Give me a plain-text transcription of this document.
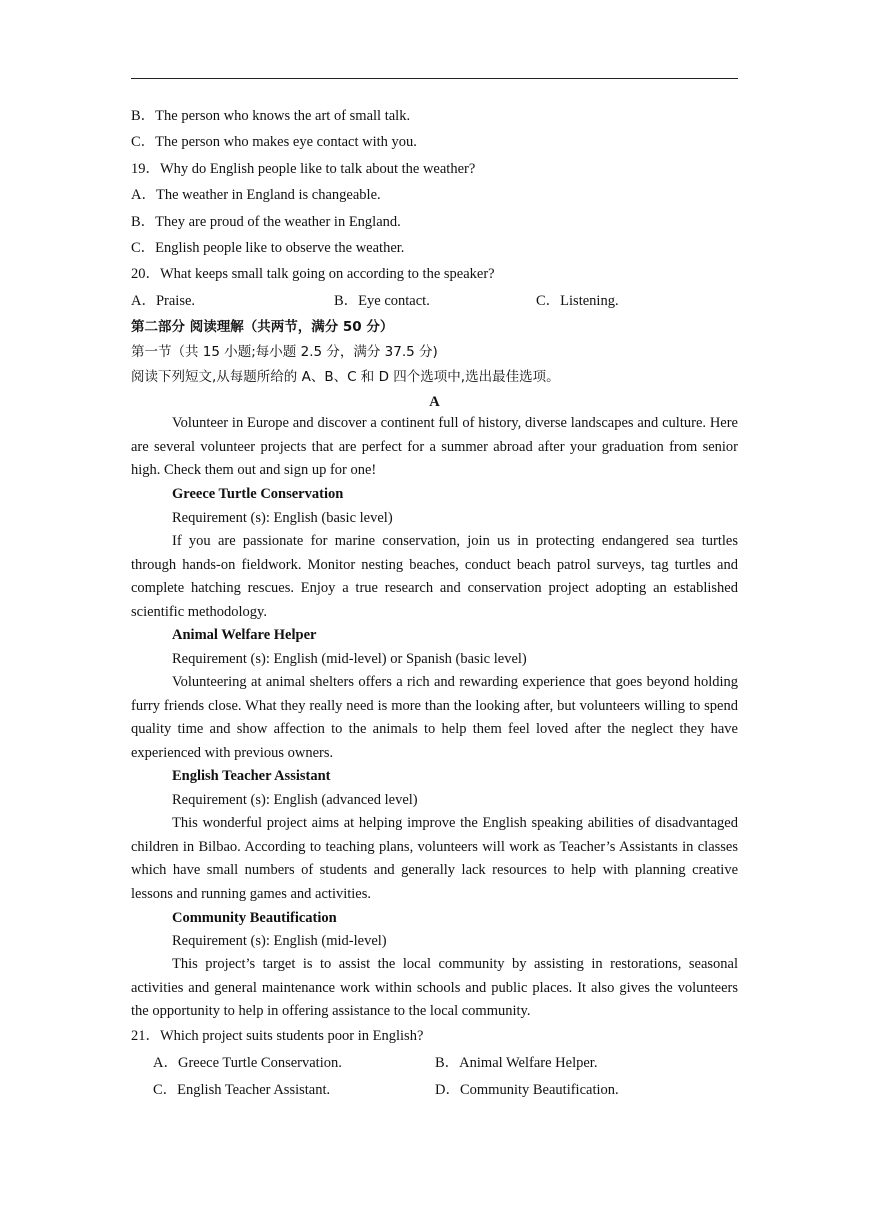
B．The person who knows the art of small talk.
C．The person who makes eye contact with you.
19．Why do English people like to talk about the weather?
A．The weather in England is changeable.
B．They are proud of the weather in England.
C．English people like to observe the weather.
20．What keeps small talk going on according to the speaker?
A．Praise.	B．Eye contact.	C．Listening.
第二部分 阅读理解（共两节，满分 50 分）
第一节（共 15 小题;每小题 2.5 分，满分 37.5 分)
阅读下列短文,从每题所给的 A、B、C 和 D 四个选项中,选出最佳选项。
A

Volunteer in Europe and discover a continent full of history, diverse landscapes and culture. Here are several volunteer projects that are perfect for a summer abroad after your graduation from senior high. Check them out and sign up for one!

Greece Turtle Conservation
Requirement (s): English (basic level)

If you are passionate for marine conservation, join us in protecting endangered sea turtles through hands-on fieldwork. Monitor nesting beaches, conduct beach patrol surveys, tag turtles and complete hatching rescues. Enjoy a true research and conservation project adopting an established scientific methodology.

Animal Welfare Helper
Requirement (s): English (mid-level) or Spanish (basic level)

Volunteering at animal shelters offers a rich and rewarding experience that goes beyond holding furry friends close. What they really need is more than the looking after, but volunteers willing to spend quality time and show affection to the animals to help them feel loved after the neglect they have experienced with previous owners.

English Teacher Assistant
Requirement (s): English (advanced level)

This wonderful project aims at helping improve the English speaking abilities of disadvantaged children in Bilbao. According to teaching plans, volunteers will work as Teacher’s Assistants in classes which have small numbers of students and generally lack resources to help with planning creative lessons and running games and activities.

Community Beautification
Requirement (s): English (mid-level)

This project’s target is to assist the local community by assisting in restorations, seasonal activities and general maintenance work within schools and public places. It also gives the volunteers the opportunity to help in offering assistance to the local community.

21．Which project suits students poor in English?
A．Greece Turtle Conservation.	B．Animal Welfare Helper.
C．English Teacher Assistant.	D．Community Beautification.
